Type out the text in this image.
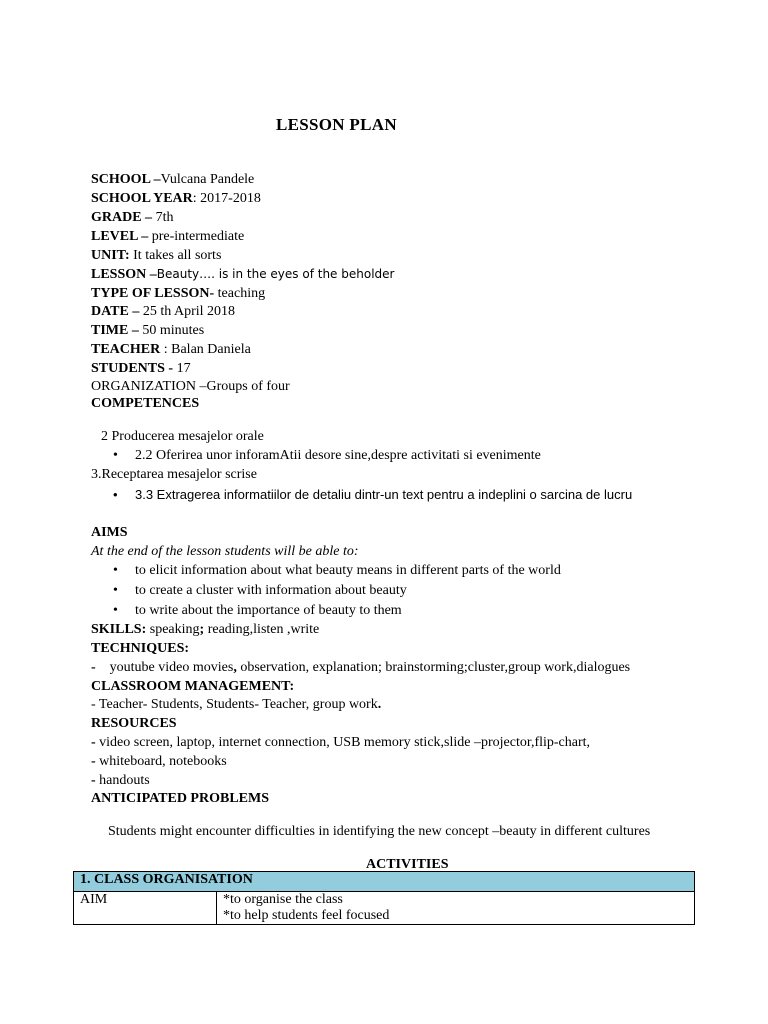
LESSON PLAN
SCHOOL –Vulcana Pandele
SCHOOL YEAR: 2017-2018
GRADE – 7th
LEVEL – pre-intermediate
UNIT: It takes all sorts
LESSON –Beauty…. is in the eyes of the beholder
TYPE OF LESSON- teaching
DATE – 25 th April 2018
TIME – 50 minutes
TEACHER : Balan Daniela
STUDENTS - 17
ORGANIZATION –Groups of four
COMPETENCES
2 Producerea mesajelor orale
• 2.2 Oferirea unor inforamAtii desore sine,despre activitati si evenimente
3.Receptarea mesajelor scrise
• 3.3 Extragerea informatiilor de detaliu dintr-un text pentru a indeplini o sarcina de lucru
AIMS
At the end of the lesson students will be able to:
• to elicit information about what beauty means in different parts of the world
• to create a cluster with information about beauty
• to write about the importance of beauty to them
SKILLS: speaking; reading,listen ,write
TECHNIQUES:
- youtube video movies, observation, explanation; brainstorming;cluster,group work,dialogues
CLASSROOM MANAGEMENT:
- Teacher- Students, Students- Teacher, group work.
RESOURCES
- video screen, laptop, internet connection, USB memory stick,slide –projector,flip-chart,
- whiteboard, notebooks
- handouts
ANTICIPATED PROBLEMS
Students might encounter difficulties in identifying the new concept –beauty in different cultures
ACTIVITIES
1. CLASS ORGANISATION
AIM	*to organise the class
*to help students feel focused
